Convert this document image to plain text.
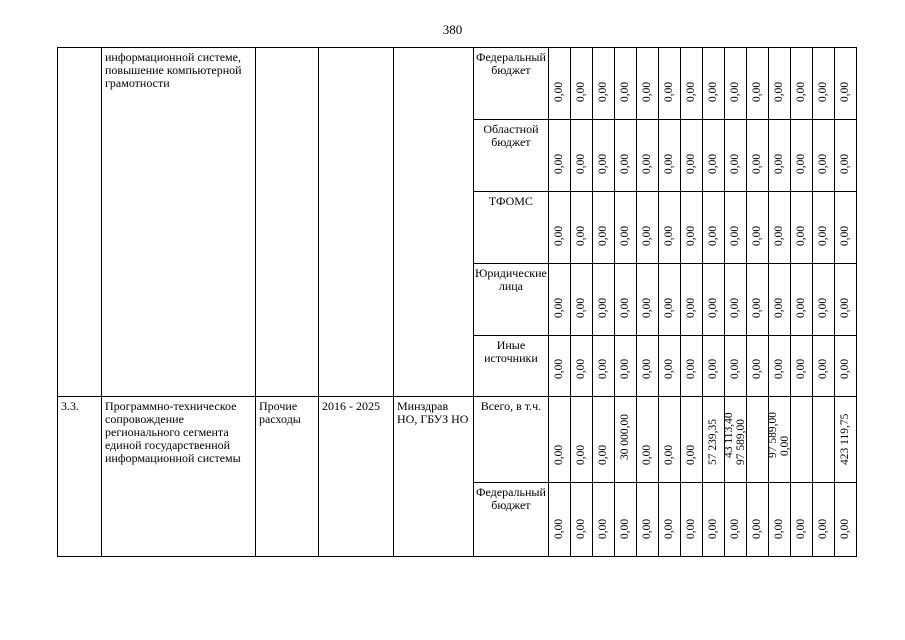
380

	информационной системе, повышение компьютерной грамотности				Федеральный бюджет	0,00	0,00	0,00	0,00	0,00	0,00	0,00	0,00	0,00	0,00	0,00	0,00	0,00	0,00

					Областной бюджет	0,00	0,00	0,00	0,00	0,00	0,00	0,00	0,00	0,00	0,00	0,00	0,00	0,00	0,00

					ТФОМС	0,00	0,00	0,00	0,00	0,00	0,00	0,00	0,00	0,00	0,00	0,00	0,00	0,00	0,00

					Юридические лица	0,00	0,00	0,00	0,00	0,00	0,00	0,00	0,00	0,00	0,00	0,00	0,00	0,00	0,00

					Иные источники	0,00	0,00	0,00	0,00	0,00	0,00	0,00	0,00	0,00	0,00	0,00	0,00	0,00	0,00

3.3.	Программно-техническое сопровождение регионального сегмента единой государственной информационной системы	Прочие расходы	2016 - 2025	Минздрав НО, ГБУЗ НО	Всего, в т.ч.	0,00	0,00	0,00	30 000,00	0,00	0,00	0,00	57 239,35	43 113,40 97 589,00		97 589,00 0,00			423 119,75

					Федеральный бюджет	0,00	0,00	0,00	0,00	0,00	0,00	0,00	0,00	0,00	0,00	0,00	0,00	0,00	0,00
